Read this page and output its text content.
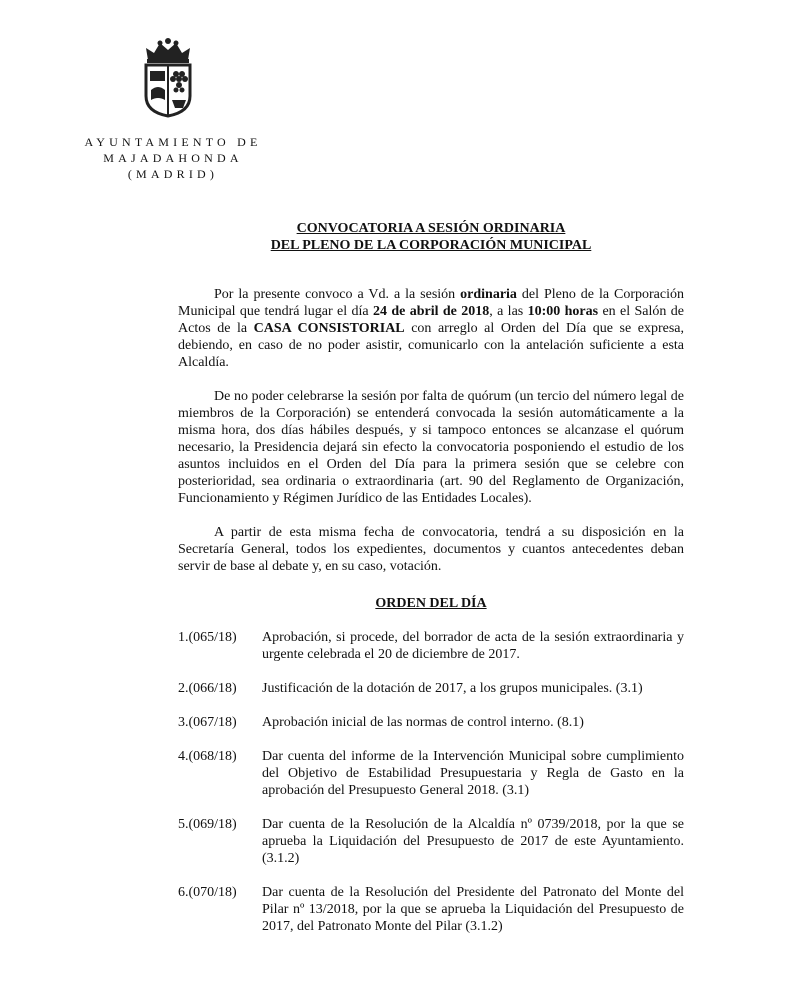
AYUNTAMIENTO DE
MAJADAHONDA
(MADRID)
CONVOCATORIA A SESIÓN ORDINARIA
DEL PLENO DE LA CORPORACIÓN MUNICIPAL

Por la presente convoco a Vd. a la sesión ordinaria del Pleno de la Corporación Municipal que tendrá lugar el día 24 de abril de 2018, a las 10:00 horas en el Salón de Actos de la CASA CONSISTORIAL con arreglo al Orden del Día que se expresa, debiendo, en caso de no poder asistir, comunicarlo con la antelación suficiente a esta Alcaldía.

De no poder celebrarse la sesión por falta de quórum (un tercio del número legal de miembros de la Corporación) se entenderá convocada la sesión automáticamente a la misma hora, dos días hábiles después, y si tampoco entonces se alcanzase el quórum necesario, la Presidencia dejará sin efecto la convocatoria posponiendo el estudio de los asuntos incluidos en el Orden del Día para la primera sesión que se celebre con posterioridad, sea ordinaria o extraordinaria (art. 90 del Reglamento de Organización, Funcionamiento y Régimen Jurídico de las Entidades Locales).

A partir de esta misma fecha de convocatoria, tendrá a su disposición en la Secretaría General, todos los expedientes, documentos y cuantos antecedentes deban servir de base al debate y, en su caso, votación.

ORDEN DEL DÍA
1.(065/18)	Aprobación, si procede, del borrador de acta de la sesión extraordinaria y urgente celebrada el 20 de diciembre de 2017.
2.(066/18)	Justificación de la dotación de 2017, a los grupos municipales. (3.1)
3.(067/18)	Aprobación inicial de las normas de control interno. (8.1)
4.(068/18)	Dar cuenta del informe de la Intervención Municipal sobre cumplimiento del Objetivo de Estabilidad Presupuestaria y Regla de Gasto en la aprobación del Presupuesto General 2018. (3.1)
5.(069/18)	Dar cuenta de la Resolución de la Alcaldía nº 0739/2018, por la que se aprueba la Liquidación del Presupuesto de 2017 de este Ayuntamiento. (3.1.2)
6.(070/18)	Dar cuenta de la Resolución del Presidente del Patronato del Monte del Pilar nº 13/2018, por la que se aprueba la Liquidación del Presupuesto de 2017, del Patronato Monte del Pilar (3.1.2)
